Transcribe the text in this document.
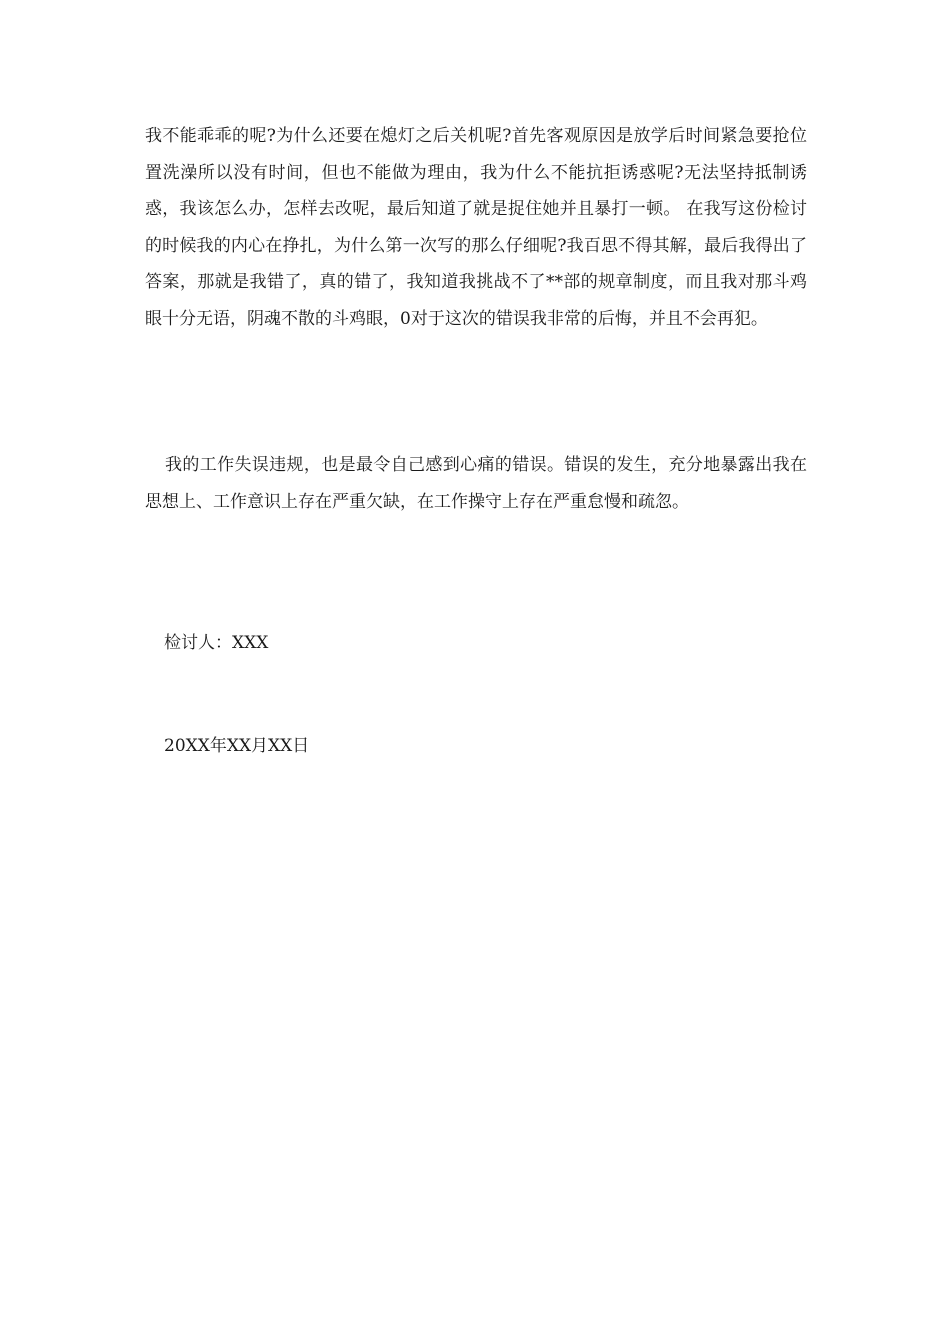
我不能乖乖的呢?为什么还要在熄灯之后关机呢?首先客观原因是放学后时间紧急要抢位置洗澡所以没有时间，但也不能做为理由，我为什么不能抗拒诱惑呢?无法坚持抵制诱惑，我该怎么办，怎样去改呢，最后知道了就是捉住她并且暴打一顿。 在我写这份检讨的时候我的内心在挣扎，为什么第一次写的那么仔细呢?我百思不得其解，最后我得出了答案，那就是我错了，真的错了，我知道我挑战不了**部的规章制度，而且我对那斗鸡眼十分无语，阴魂不散的斗鸡眼，0对于这次的错误我非常的后悔，并且不会再犯。

我的工作失误违规，也是最令自己感到心痛的错误。错误的发生，充分地暴露出我在思想上、工作意识上存在严重欠缺，在工作操守上存在严重怠慢和疏忽。

检讨人：XXX

20XX年XX月XX日
